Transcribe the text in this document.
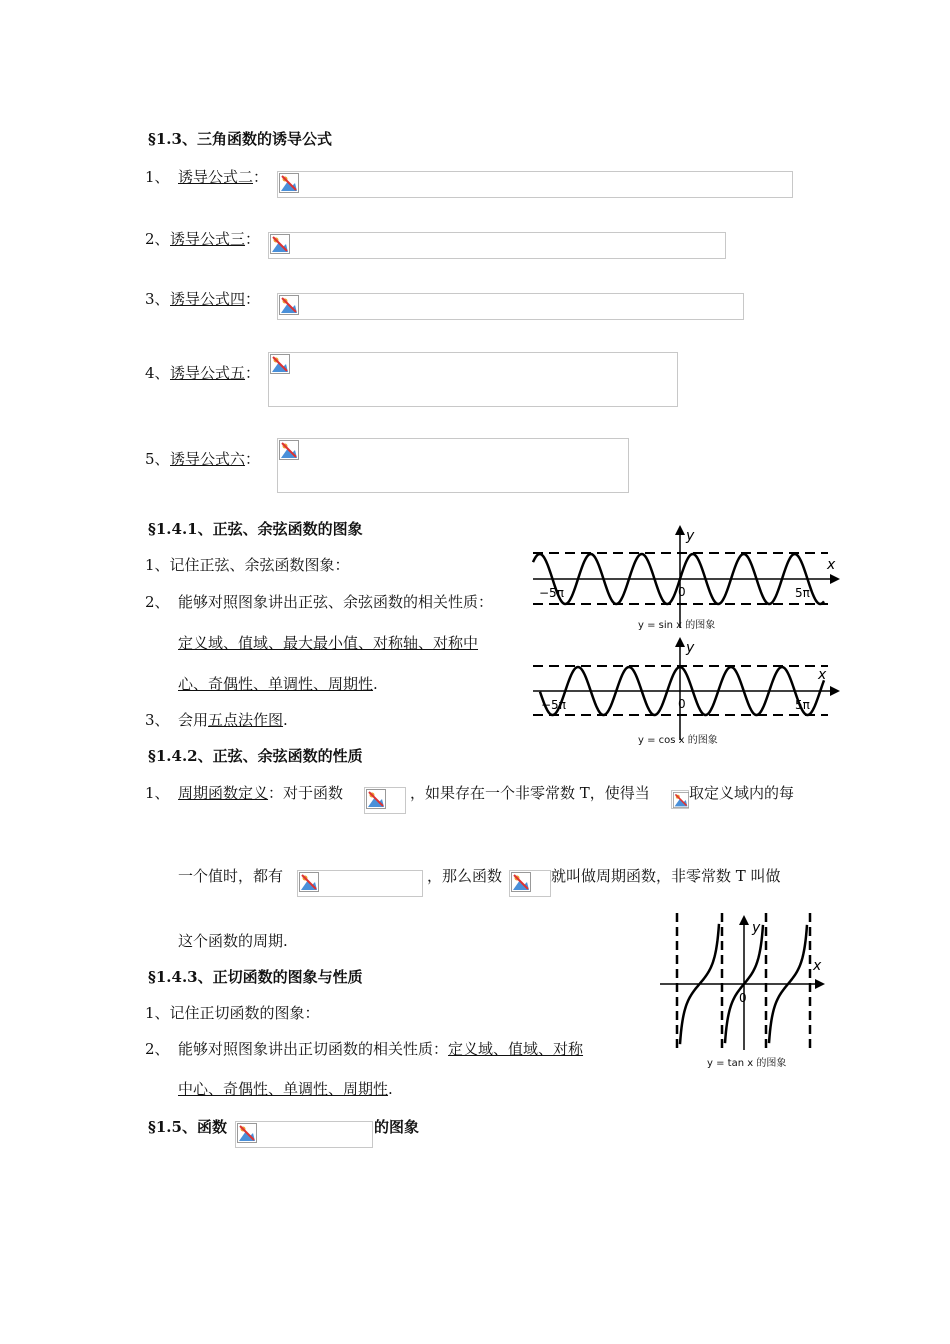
§1.3、三角函数的诱导公式
1、 诱导公式二：
2、 诱导公式三：
3、 诱导公式四：
4、 诱导公式五：
5、 诱导公式六：
§1.4.1、正弦、余弦函数的图象
1、记住正弦、余弦函数图象：
2、 能够对照图象讲出正弦、余弦函数的相关性质：
定义域、值域、最大最小值、对称轴、对称中
心、奇偶性、单调性、周期性.
3、 会用五点法作图.
y
x
0
−5π	5π
y = sin x 的图象
y
x
0
−5π	5π
y = cos x 的图象
§1.4.2、正弦、余弦函数的性质
1、 周期函数定义：对于函数	，如果存在一个非零常数 T，使得当	取定义域内的每
一个值时，都有	，那么函数	就叫做周期函数，非零常数 T 叫做
这个函数的周期.
§1.4.3、正切函数的图象与性质
1、记住正切函数的图象：
2、 能够对照图象讲出正切函数的相关性质：定义域、值域、对称
中心、奇偶性、单调性、周期性.
y
x
0
y = tan x 的图象
§1.5、函数	的图象
